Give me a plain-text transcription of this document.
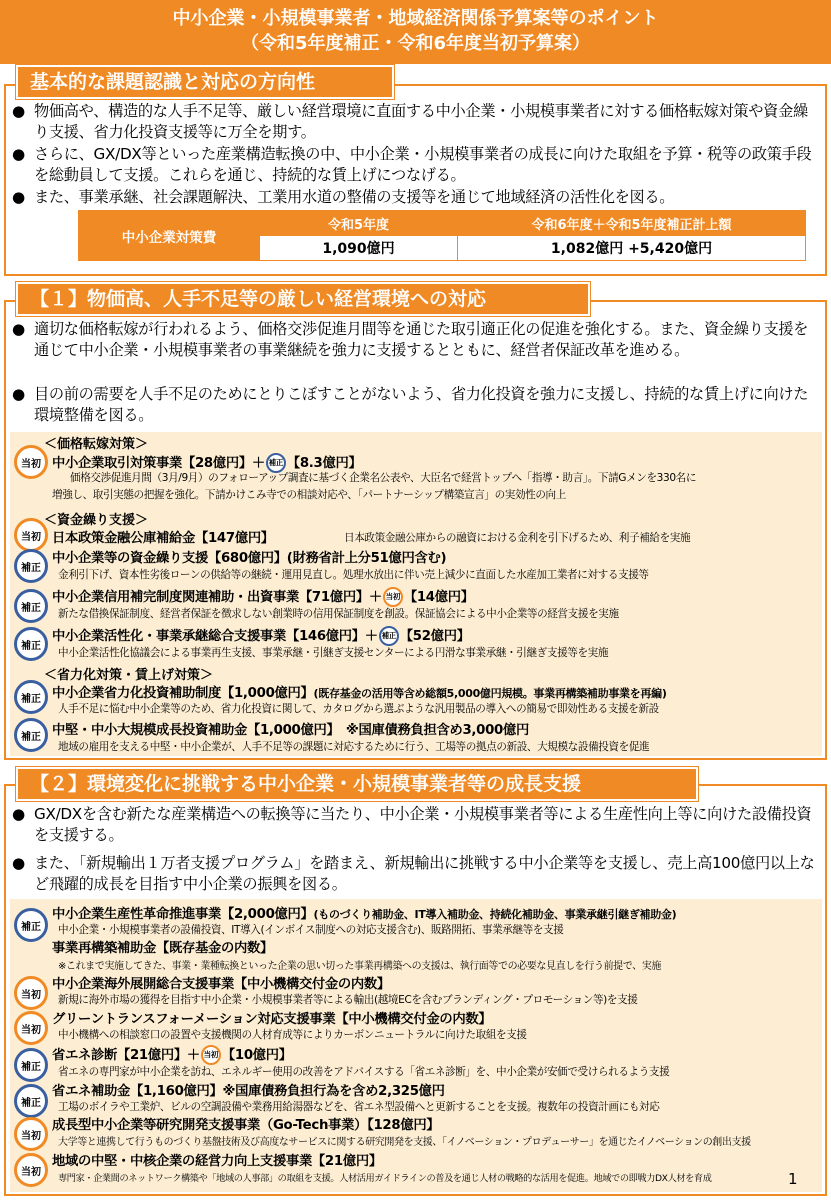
中小企業・小規模事業者・地域経済関係予算案等のポイント
（令和5年度補正・令和6年度当初予算案）
基本的な課題認識と対応の方向性
● 物価高や、構造的な人手不足等、厳しい経営環境に直面する中小企業・小規模事業者に対する価格転嫁対策や資金繰り支援、省力化投資支援等に万全を期す。
● さらに、GX/DX等といった産業構造転換の中、中小企業・小規模事業者の成長に向けた取組を予算・税等の政策手段を総動員して支援。これらを通じ、持続的な賃上げにつなげる。
● また、事業承継、社会課題解決、工業用水道の整備の支援等を通じて地域経済の活性化を図る。
中小企業対策費	令和5年度	令和6年度＋令和5年度補正計上額
	1,090億円	1,082億円 +5,420億円
【１】物価高、人手不足等の厳しい経営環境への対応
● 適切な価格転嫁が行われるよう、価格交渉促進月間等を通じた取引適正化の促進を強化する。また、資金繰り支援を通じて中小企業・小規模事業者の事業継続を強力に支援するとともに、経営者保証改革を進める。
● 目の前の需要を人手不足のためにとりこぼすことがないよう、省力化投資を強力に支援し、持続的な賃上げに向けた環境整備を図る。
＜価格転嫁対策＞
当初 中小企業取引対策事業【28億円】＋ 補正 【8.3億円】
価格交渉促進月間（3月/9月）のフォローアップ調査に基づく企業名公表や、大臣名で経営トップへ「指導・助言」。下請Gメンを330名に
増強し、取引実態の把握を強化。下請かけこみ寺での相談対応や、「パートナーシップ構築宣言」の実効性の向上
＜資金繰り支援＞
当初 日本政策金融公庫補給金【147億円】	日本政策金融公庫からの融資における金利を引下げるため、利子補給を実施
補正
中小企業等の資金繰り支援【680億円】(財務省計上分51億円含む)
金利引下げ、資本性劣後ローンの供給等の継続・運用見直し。処理水放出に伴い売上減少に直面した水産加工業者に対する支援等
補正
中小企業信用補完制度関連補助・出資事業【71億円】＋ 当初 【14億円】
新たな借換保証制度、経営者保証を徴求しない創業時の信用保証制度を創設。保証協会による中小企業等の経営支援を実施
補正
中小企業活性化・事業承継総合支援事業【146億円】＋ 補正 【52億円】
中小企業活性化協議会による事業再生支援、事業承継・引継ぎ支援センターによる円滑な事業承継・引継ぎ支援等を実施
＜省力化対策・賃上げ対策＞
補正 中小企業省力化投資補助制度【1,000億円】(既存基金の活用等含め総額5,000億円規模。事業再構築補助事業を再編)
人手不足に悩む中小企業等のため、省力化投資に関して、カタログから選ぶような汎用製品の導入への簡易で即効性ある支援を新設
補正 中堅・中小大規模成長投資補助金【1,000億円】　※国庫債務負担含め3,000億円
地域の雇用を支える中堅・中小企業が、人手不足等の課題に対応するために行う、工場等の拠点の新設、大規模な設備投資を促進
【２】環境変化に挑戦する中小企業・小規模事業者等の成長支援
● GX/DXを含む新たな産業構造への転換等に当たり、中小企業・小規模事業者等による生産性向上等に向けた設備投資を支援する。
● また、「新規輸出１万者支援プログラム」を踏まえ、新規輸出に挑戦する中小企業等を支援し、売上高100億円以上など飛躍的成長を目指す中小企業の振興を図る。
補正
中小企業生産性革命推進事業【2,000億円】(ものづくり補助金、IT導入補助金、持続化補助金、事業承継引継ぎ補助金)
中小企業・小規模事業者の設備投資、IT導入(インボイス制度への対応支援含む)、販路開拓、事業承継等を支援
事業再構築補助金【既存基金の内数】
※これまで実施してきた、事業・業種転換といった企業の思い切った事業再構築への支援は、執行面等での必要な見直しを行う前提で、実施
当初
中小企業海外展開総合支援事業【中小機構交付金の内数】
新規に海外市場の獲得を目指す中小企業・小規模事業者等による輸出(越境ECを含むブランディング・プロモーション等)を支援
当初
グリーントランスフォーメーション対応支援事業【中小機構交付金の内数】
中小機構への相談窓口の設置や支援機関の人材育成等によりカーボンニュートラルに向けた取組を支援
補正
省エネ診断【21億円】＋ 当初 【10億円】
省エネの専門家が中小企業を訪ね、エネルギー使用の改善をアドバイスする「省エネ診断」を、中小企業が安価で受けられるよう支援
補正
省エネ補助金【1,160億円】※国庫債務負担行為を含め2,325億円
工場のボイラや工業炉、ビルの空調設備や業務用給湯器などを、省エネ型設備へと更新することを支援。複数年の投資計画にも対応
当初
成長型中小企業等研究開発支援事業（Go-Tech事業）【128億円】
大学等と連携して行うものづくり基盤技術及び高度なサービスに関する研究開発を支援、「イノベーション・プロデューサー」を通じたイノベーションの創出支援
当初
地域の中堅・中核企業の経営力向上支援事業【21億円】
専門家・企業間のネットワーク構築や「地域の人事部」の取組を支援。人材活用ガイドラインの普及を通じ人材の戦略的な活用を促進。地域での即戦力DX人材を育成	1
